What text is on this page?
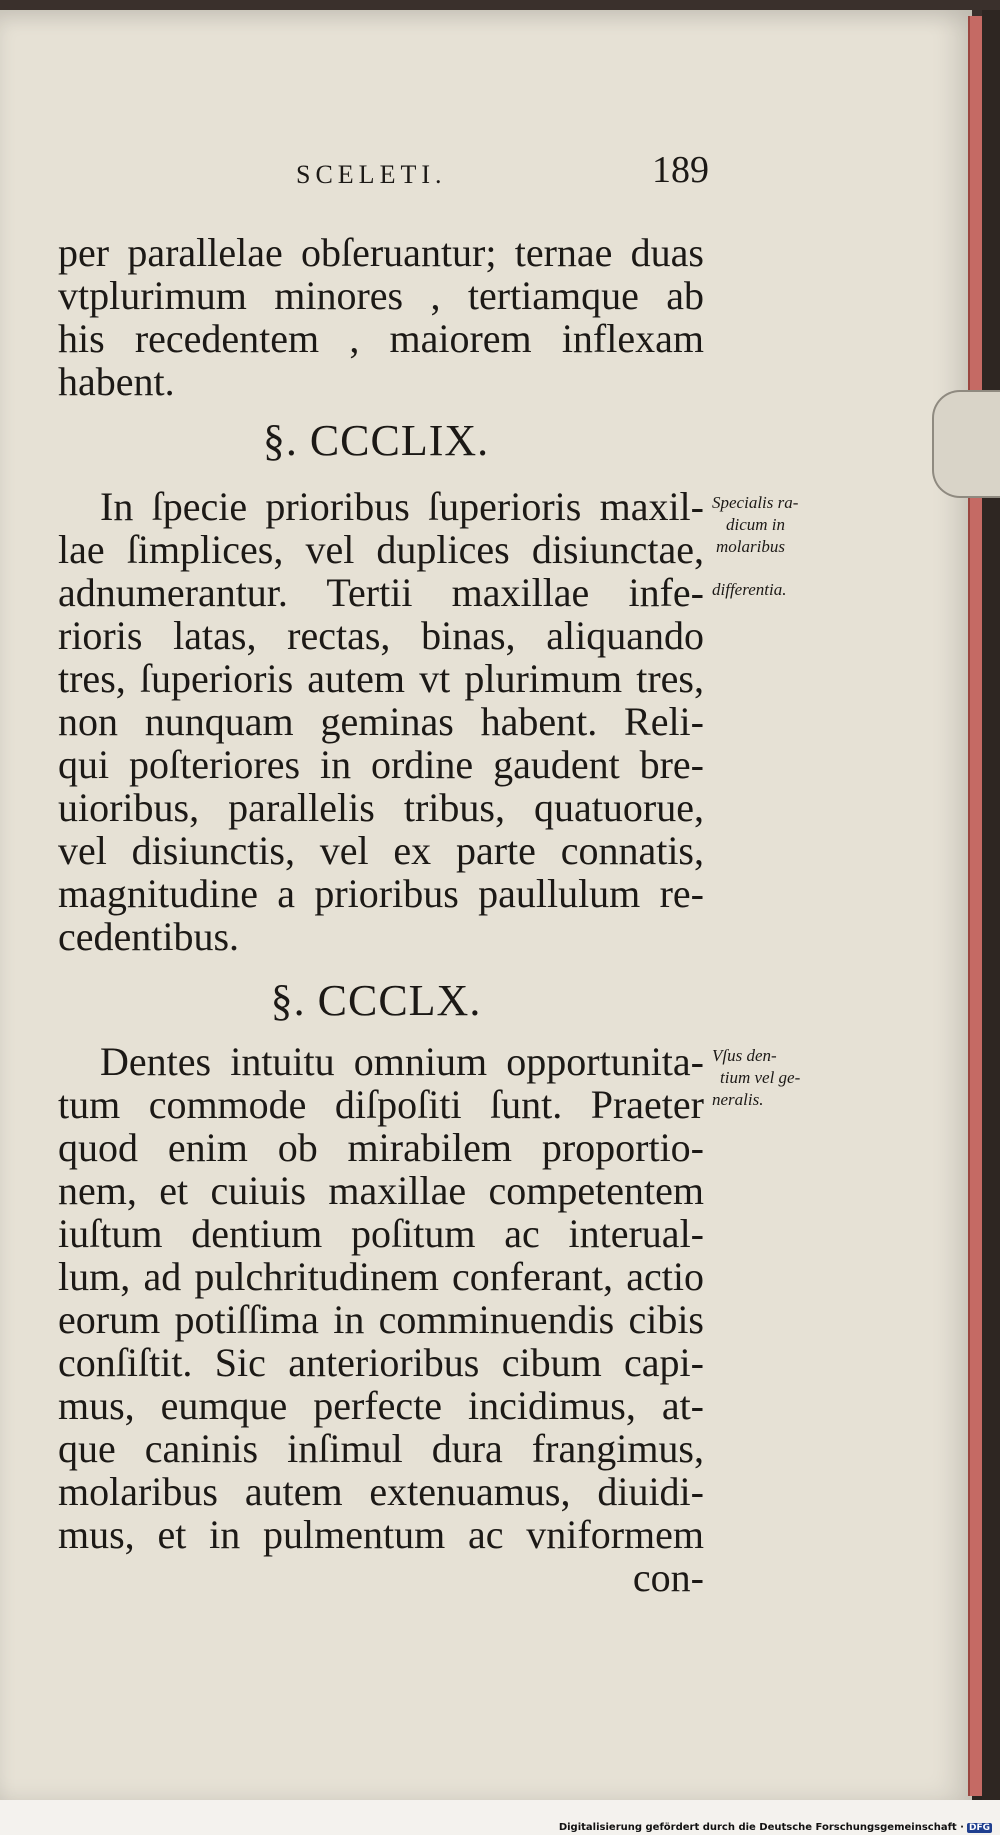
SCELETI.	189
per parallelae obſeruantur; ternae duas
vtplurimum minores , tertiamque ab
his recedentem , maiorem inflexam
habent.
§. CCCLIX.
In ſpecie prioribus ſuperioris maxil-
lae ſimplices, vel duplices disiunctae,
adnumerantur. Tertii maxillae infe-
rioris latas, rectas, binas, aliquando
tres, ſuperioris autem vt plurimum tres,
non nunquam geminas habent. Reli-
qui poſteriores in ordine gaudent bre-
uioribus, parallelis tribus, quatuorue,
vel disiunctis, vel ex parte connatis,
magnitudine a prioribus paullulum re-
cedentibus.
Specialis ra-
dicum in
molaribus
differentia.
§. CCCLX.
Dentes intuitu omnium opportunita-
tum commode diſpoſiti ſunt. Praeter
quod enim ob mirabilem proportio-
nem, et cuiuis maxillae competentem
iuſtum dentium poſitum ac interual-
lum, ad pulchritudinem conferant, actio
eorum potiſſima in comminuendis cibis
conſiſtit. Sic anterioribus cibum capi-
mus, eumque perfecte incidimus, at-
que caninis inſimul dura frangimus,
molaribus autem extenuamus, diuidi-
mus, et in pulmentum ac vniformem
Vſus den-
tium vel ge-
neralis.
con-
Digitalisierung gefördert durch die Deutsche Forschungsgemeinschaft · DFG
